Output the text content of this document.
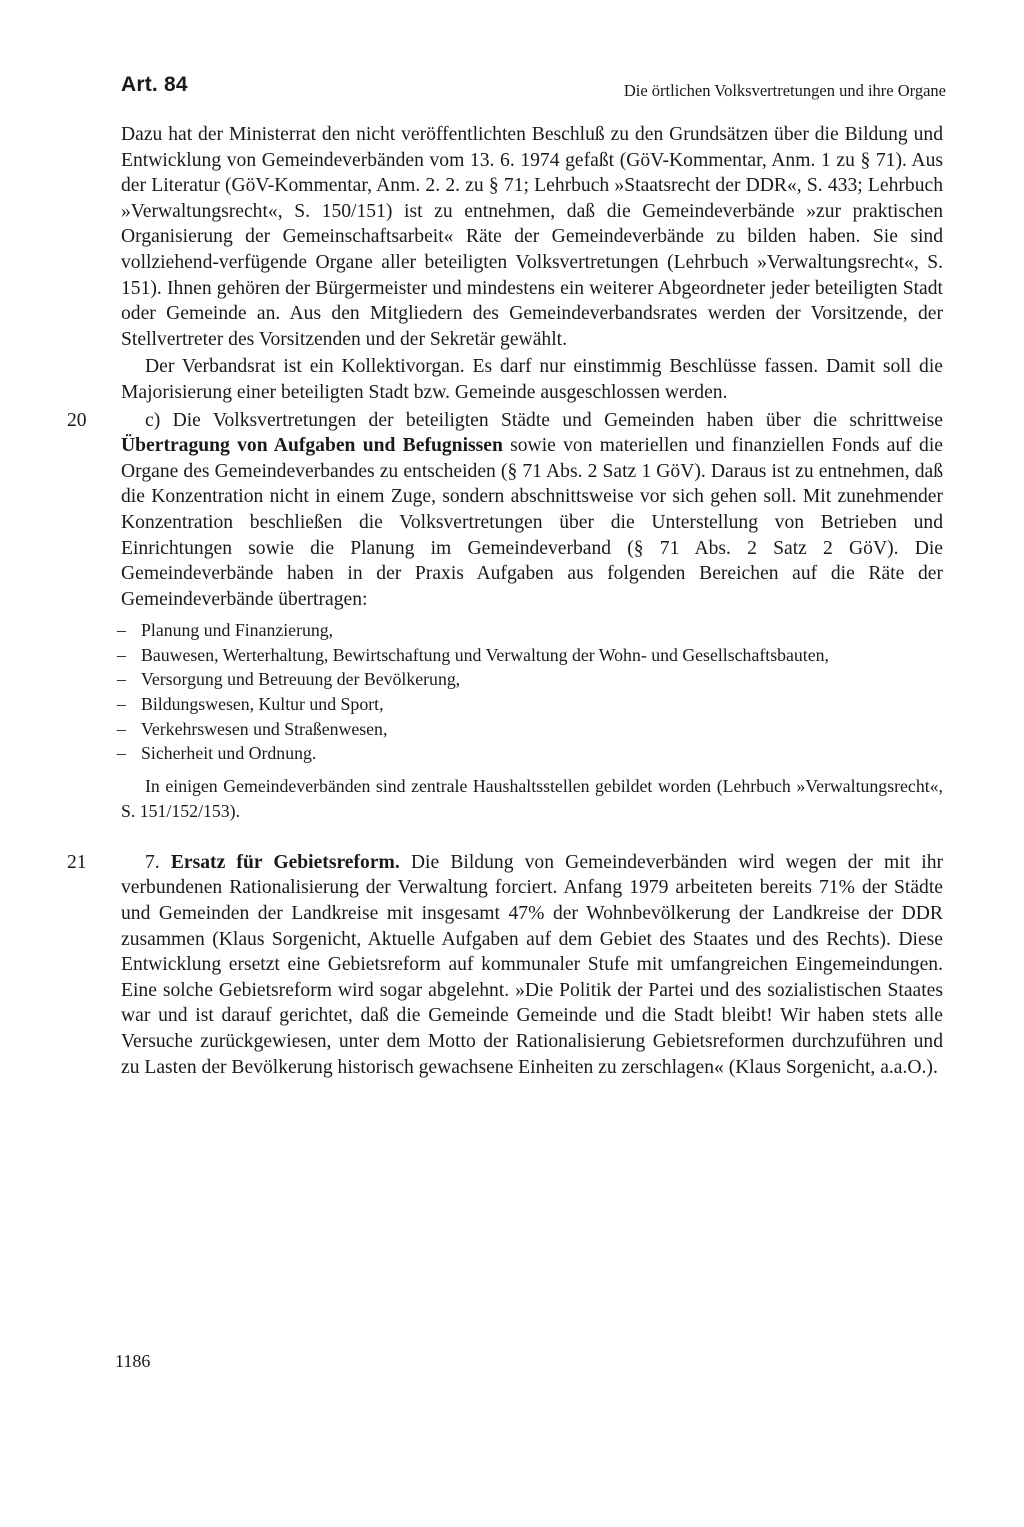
Art. 84	Die örtlichen Volksvertretungen und ihre Organe

Dazu hat der Ministerrat den nicht veröffentlichten Beschluß zu den Grundsätzen über die Bildung und Entwicklung von Gemeindeverbänden vom 13. 6. 1974 gefaßt (GöV-Kommentar, Anm. 1 zu § 71). Aus der Literatur (GöV-Kommentar, Anm. 2. 2. zu § 71; Lehrbuch »Staatsrecht der DDR«, S. 433; Lehrbuch »Verwaltungsrecht«, S. 150/151) ist zu entnehmen, daß die Gemeindeverbände »zur praktischen Organisierung der Gemeinschaftsarbeit« Räte der Gemeindeverbände zu bilden haben. Sie sind vollziehend-verfügende Organe aller beteiligten Volksvertretungen (Lehrbuch »Verwaltungsrecht«, S. 151). Ihnen gehören der Bürgermeister und mindestens ein weiterer Abgeordneter jeder beteiligten Stadt oder Gemeinde an. Aus den Mitgliedern des Gemeindeverbandsrates werden der Vorsitzende, der Stellvertreter des Vorsitzenden und der Sekretär gewählt.

Der Verbandsrat ist ein Kollektivorgan. Es darf nur einstimmig Beschlüsse fassen. Damit soll die Majorisierung einer beteiligten Stadt bzw. Gemeinde ausgeschlossen werden.

20	c) Die Volksvertretungen der beteiligten Städte und Gemeinden haben über die schrittweise Übertragung von Aufgaben und Befugnissen sowie von materiellen und finanziellen Fonds auf die Organe des Gemeindeverbandes zu entscheiden (§ 71 Abs. 2 Satz 1 GöV). Daraus ist zu entnehmen, daß die Konzentration nicht in einem Zuge, sondern abschnittsweise vor sich gehen soll. Mit zunehmender Konzentration beschließen die Volksvertretungen über die Unterstellung von Betrieben und Einrichtungen sowie die Planung im Gemeindeverband (§ 71 Abs. 2 Satz 2 GöV). Die Gemeindeverbände haben in der Praxis Aufgaben aus folgenden Bereichen auf die Räte der Gemeindeverbände übertragen:

– Planung und Finanzierung,
– Bauwesen, Werterhaltung, Bewirtschaftung und Verwaltung der Wohn- und Gesellschaftsbauten,
– Versorgung und Betreuung der Bevölkerung,
– Bildungswesen, Kultur und Sport,
– Verkehrswesen und Straßenwesen,
– Sicherheit und Ordnung.

In einigen Gemeindeverbänden sind zentrale Haushaltsstellen gebildet worden (Lehrbuch »Verwaltungsrecht«, S. 151/152/153).

21	7. Ersatz für Gebietsreform. Die Bildung von Gemeindeverbänden wird wegen der mit ihr verbundenen Rationalisierung der Verwaltung forciert. Anfang 1979 arbeiteten bereits 71% der Städte und Gemeinden der Landkreise mit insgesamt 47% der Wohnbevölkerung der Landkreise der DDR zusammen (Klaus Sorgenicht, Aktuelle Aufgaben auf dem Gebiet des Staates und des Rechts). Diese Entwicklung ersetzt eine Gebietsreform auf kommunaler Stufe mit umfangreichen Eingemeindungen. Eine solche Gebietsreform wird sogar abgelehnt. »Die Politik der Partei und des sozialistischen Staates war und ist darauf gerichtet, daß die Gemeinde Gemeinde und die Stadt bleibt! Wir haben stets alle Versuche zurückgewiesen, unter dem Motto der Rationalisierung Gebietsreformen durchzuführen und zu Lasten der Bevölkerung historisch gewachsene Einheiten zu zerschlagen« (Klaus Sorgenicht, a.a.O.).

1186
